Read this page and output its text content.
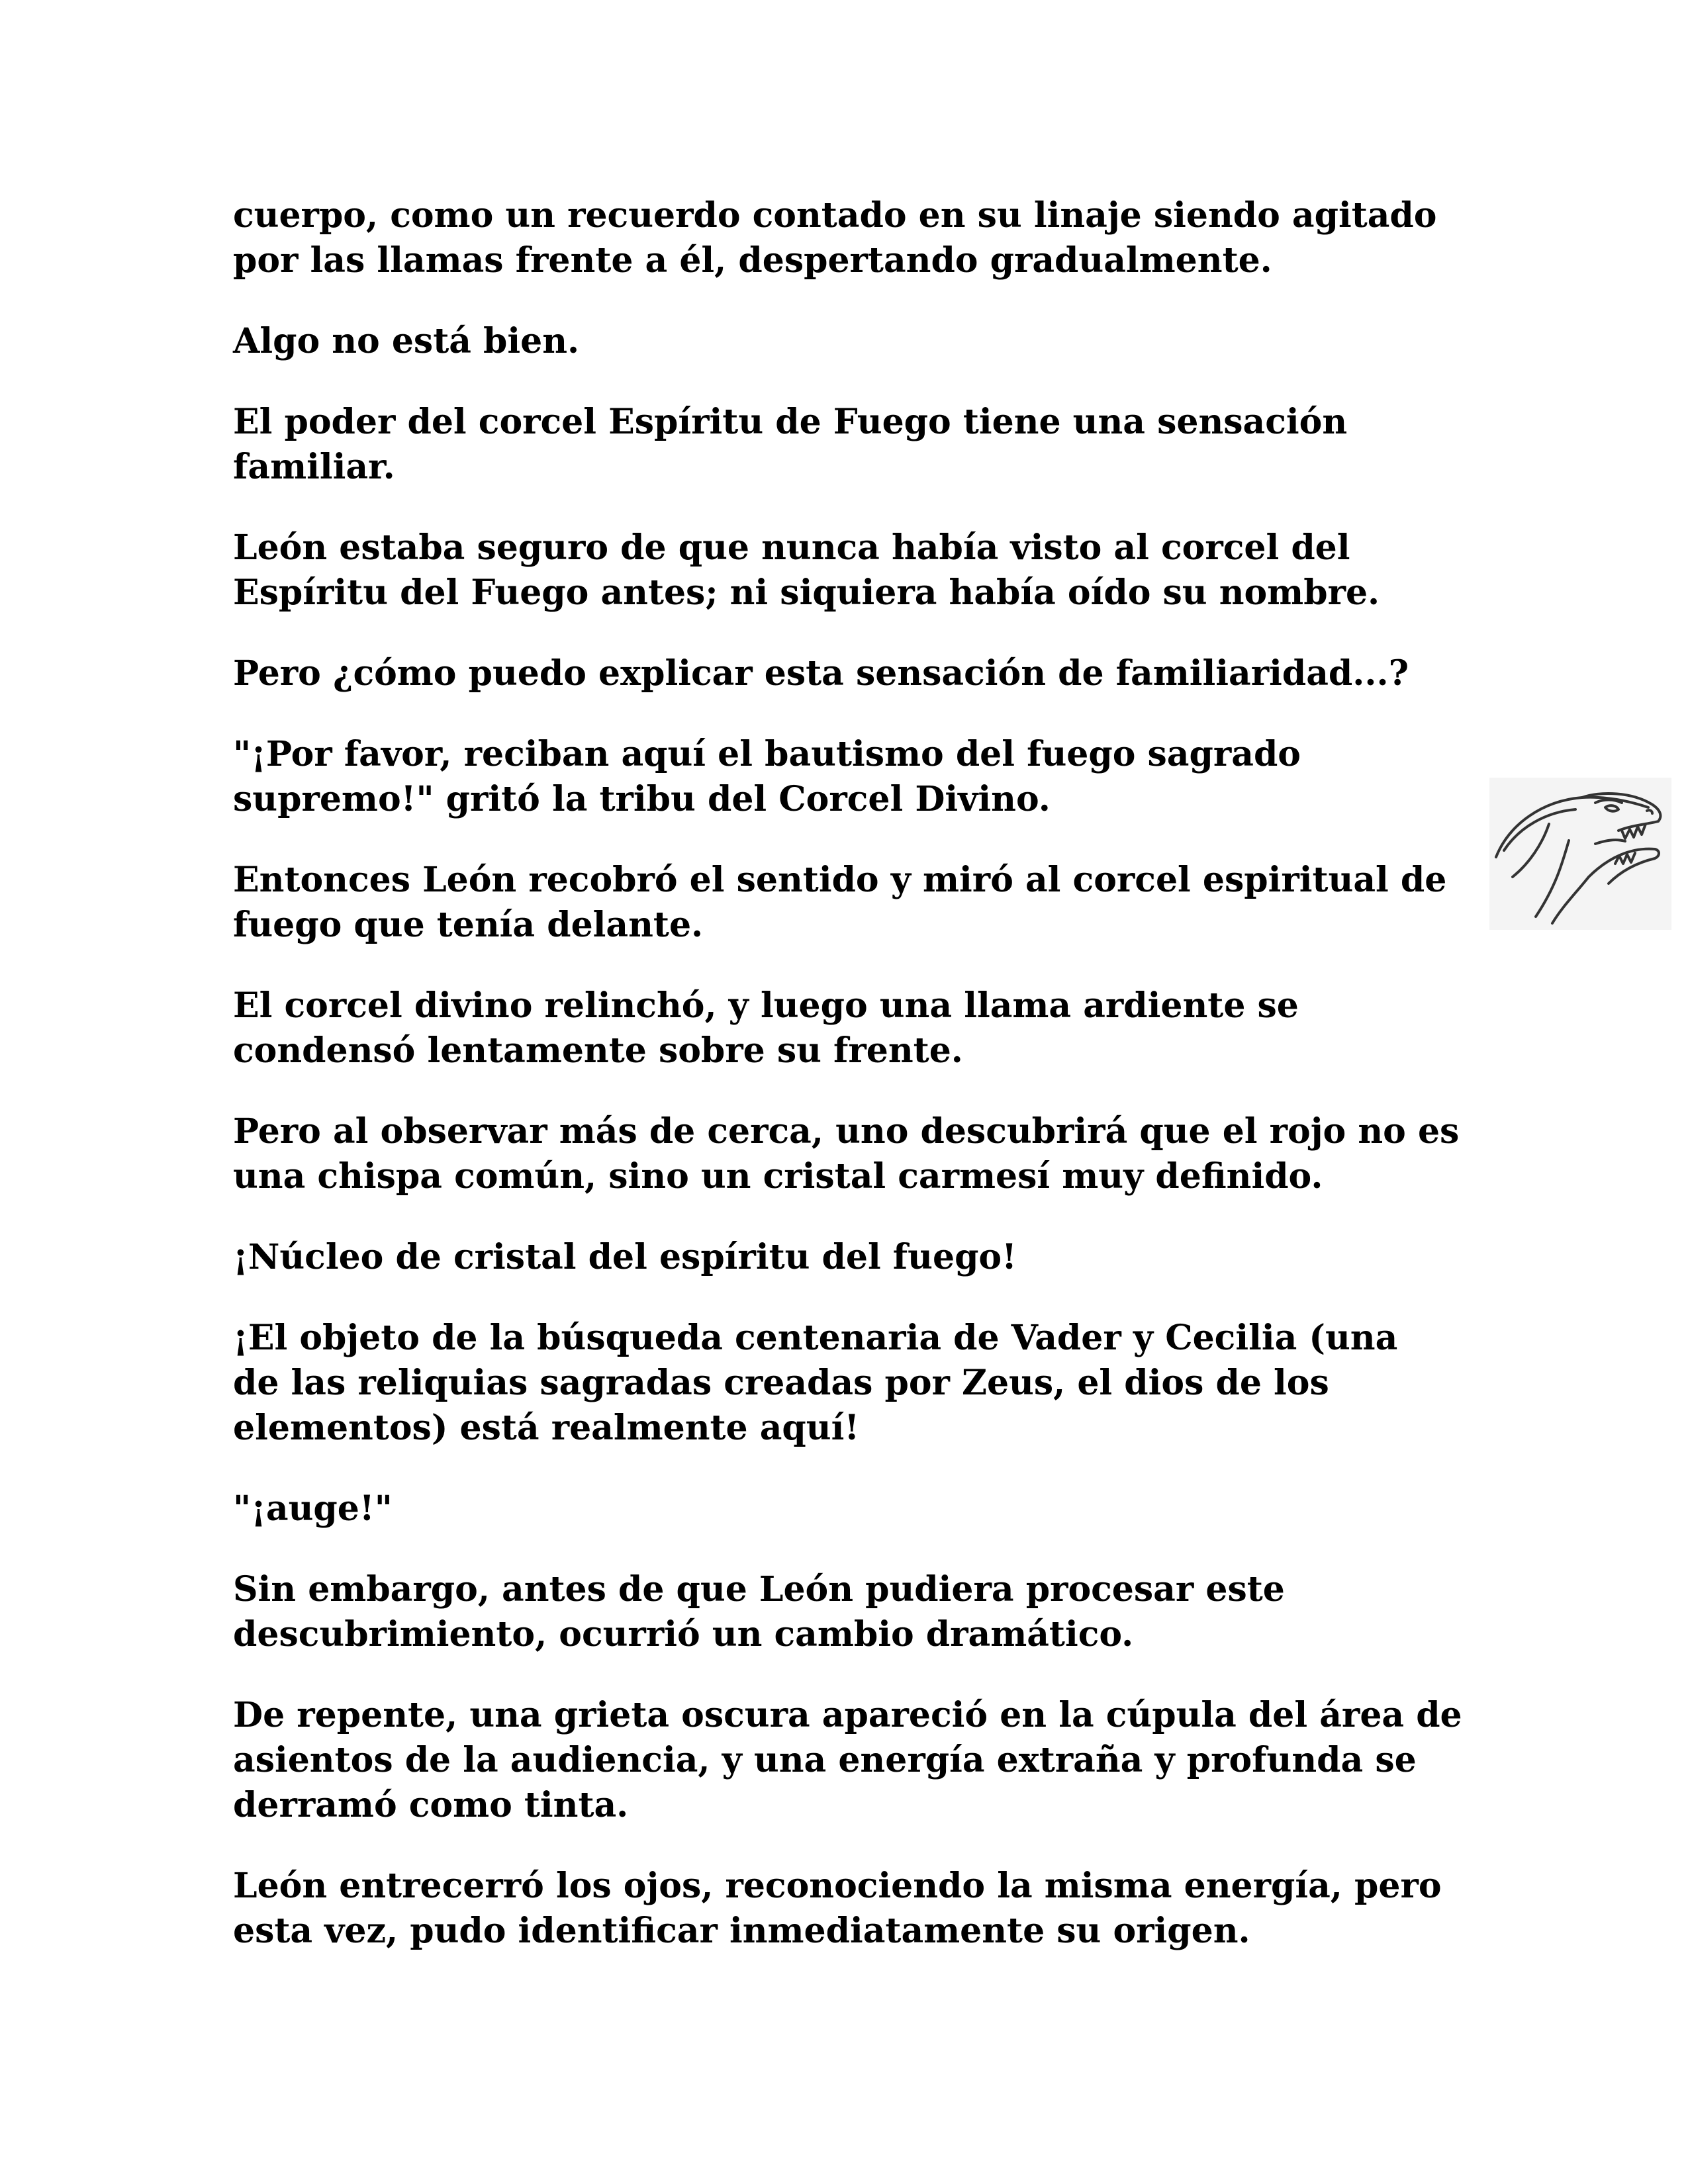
cuerpo, como un recuerdo contado en su linaje siendo agitado
por las llamas frente a él, despertando gradualmente.

Algo no está bien.

El poder del corcel Espíritu de Fuego tiene una sensación
familiar.

León estaba seguro de que nunca había visto al corcel del
Espíritu del Fuego antes; ni siquiera había oído su nombre.

Pero ¿cómo puedo explicar esta sensación de familiaridad...?

"¡Por favor, reciban aquí el bautismo del fuego sagrado
supremo!" gritó la tribu del Corcel Divino.

Entonces León recobró el sentido y miró al corcel espiritual de
fuego que tenía delante.

El corcel divino relinchó, y luego una llama ardiente se
condensó lentamente sobre su frente.

Pero al observar más de cerca, uno descubrirá que el rojo no es
una chispa común, sino un cristal carmesí muy definido.

¡Núcleo de cristal del espíritu del fuego!

¡El objeto de la búsqueda centenaria de Vader y Cecilia (una
de las reliquias sagradas creadas por Zeus, el dios de los
elementos) está realmente aquí!

"¡auge!"

Sin embargo, antes de que León pudiera procesar este
descubrimiento, ocurrió un cambio dramático.

De repente, una grieta oscura apareció en la cúpula del área de
asientos de la audiencia, y una energía extraña y profunda se
derramó como tinta.

León entrecerró los ojos, reconociendo la misma energía, pero
esta vez, pudo identificar inmediatamente su origen.
